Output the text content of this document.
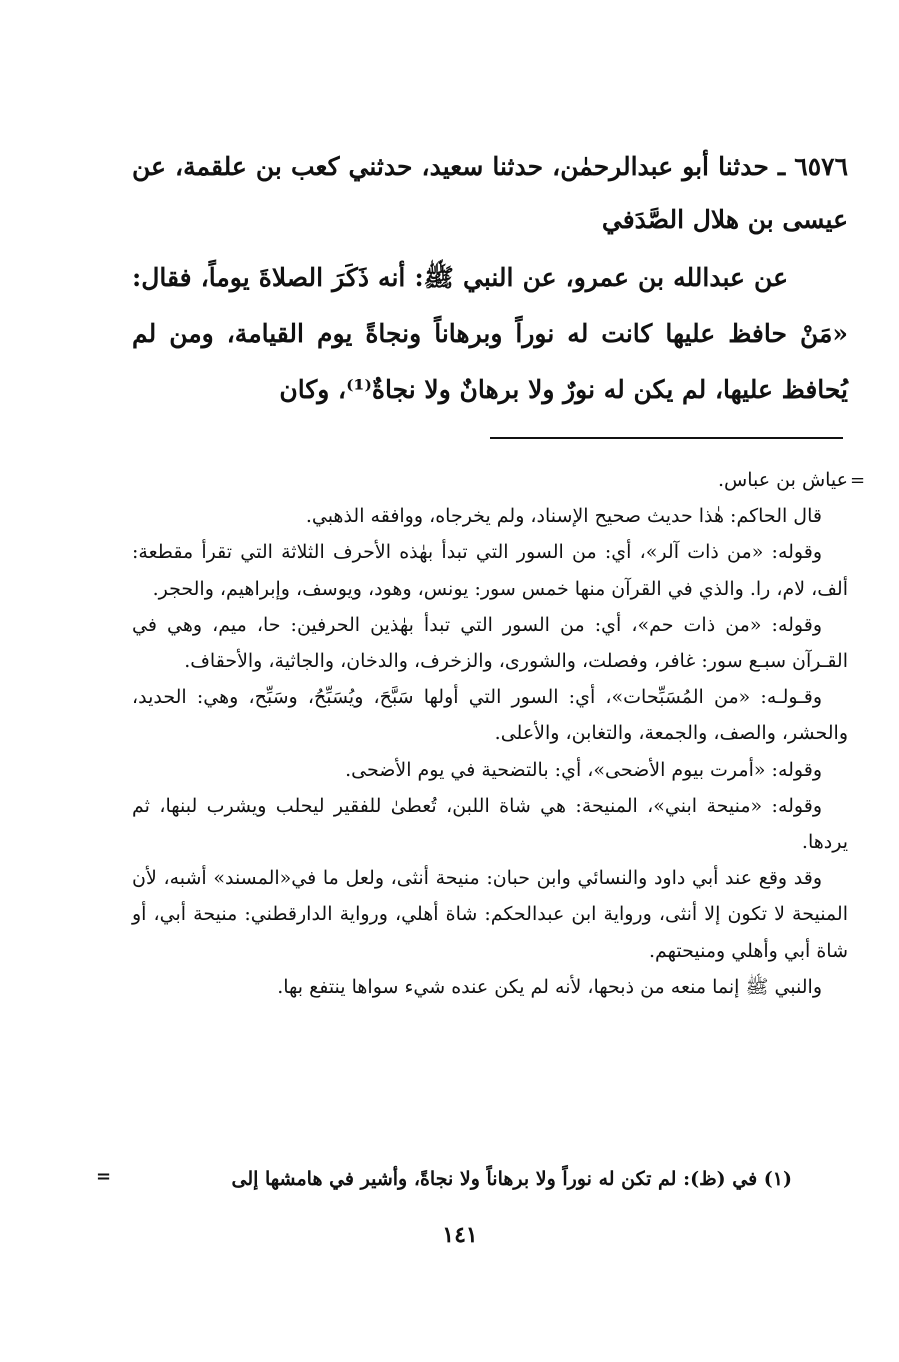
٦٥٧٦ ـ حدثنا أبو عبدالرحمٰن، حدثنا سعيد، حدثني كعب بن علقمة، عن عيسى بن هلال الصَّدَفي
عن عبدالله بن عمرو، عن النبي ﷺ: أنه ذَكَرَ الصلاةَ يوماً، فقال: «مَنْ حافظ عليها كانت له نوراً وبرهاناً ونجاةً يوم القيامة، ومن لم يُحافظ عليها، لم يكن له نورٌ ولا برهانٌ ولا نجاةٌ⁽¹⁾، وكان
=

عياش بن عباس.

قال الحاكم: هٰذا حديث صحيح الإسناد، ولم يخرجاه، ووافقه الذهبي.

وقوله: «من ذات آلر»، أي: من السور التي تبدأ بهٰذه الأحرف الثلاثة التي تقرأ مقطعة: ألف، لام، را. والذي في القرآن منها خمس سور: يونس، وهود، ويوسف، وإبراهيم، والحجر.

وقوله: «من ذات حم»، أي: من السور التي تبدأ بهٰذين الحرفين: حا، ميم، وهي في القـرآن سبـع سور: غافر، وفصلت، والشورى، والزخرف، والدخان، والجاثية، والأحقاف.

وقـولـه: «من المُسَبِّحات»، أي: السور التي أولها سَبَّحَ، ويُسَبِّحُ، وسَبِّح، وهي: الحديد، والحشر، والصف، والجمعة، والتغابن، والأعلى.

وقوله: «أمرت بيوم الأضحى»، أي: بالتضحية في يوم الأضحى.

وقوله: «منيحة ابني»، المنيحة: هي شاة اللبن، تُعطىٰ للفقير ليحلب ويشرب لبنها، ثم يردها.

وقد وقع عند أبي داود والنسائي وابن حبان: منيحة أنثى، ولعل ما في«المسند» أشبه، لأن المنيحة لا تكون إلا أنثى، ورواية ابن عبدالحكم: شاة أهلي، ورواية الدارقطني: منيحة أبي، أو شاة أبي وأهلي ومنيحتهم.

والنبي ﷺ إنما منعه من ذبحها، لأنه لم يكن عنده شيء سواها ينتفع بها.

(١) في (ظ): لم تكن له نوراً ولا برهاناً ولا نجاةً، وأشير في هامشها إلى
=
١٤١
